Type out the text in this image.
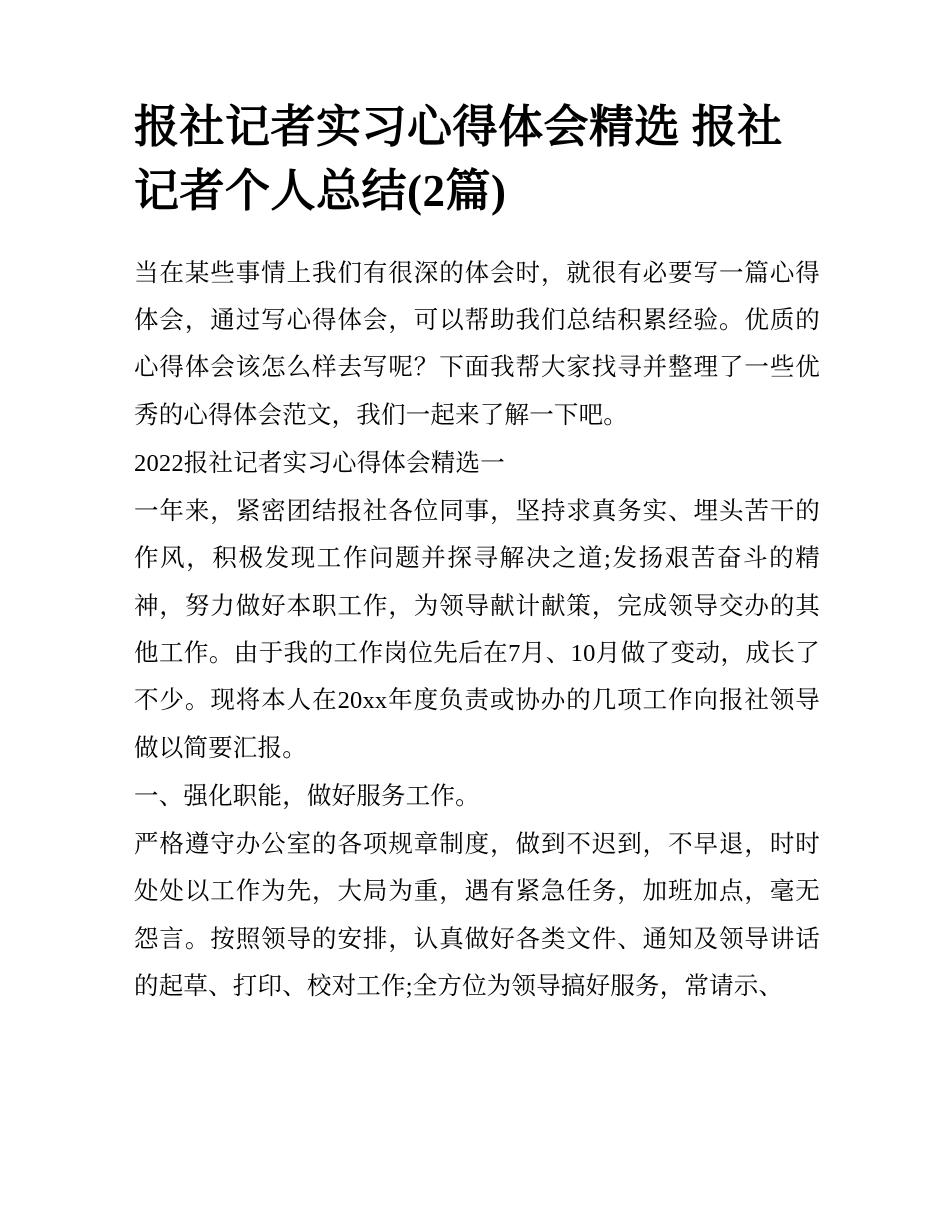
报社记者实习心得体会精选 报社记者个人总结(2篇)

当在某些事情上我们有很深的体会时，就很有必要写一篇心得体会，通过写心得体会，可以帮助我们总结积累经验。优质的心得体会该怎么样去写呢？下面我帮大家找寻并整理了一些优秀的心得体会范文，我们一起来了解一下吧。

2022报社记者实习心得体会精选一

一年来，紧密团结报社各位同事，坚持求真务实、埋头苦干的作风，积极发现工作问题并探寻解决之道;发扬艰苦奋斗的精神，努力做好本职工作，为领导献计献策，完成领导交办的其他工作。由于我的工作岗位先后在7月、10月做了变动，成长了不少。现将本人在20xx年度负责或协办的几项工作向报社领导做以简要汇报。

一、强化职能，做好服务工作。

严格遵守办公室的各项规章制度，做到不迟到，不早退，时时处处以工作为先，大局为重，遇有紧急任务，加班加点，毫无怨言。按照领导的安排，认真做好各类文件、通知及领导讲话的起草、打印、校对工作;全方位为领导搞好服务，常请示、
